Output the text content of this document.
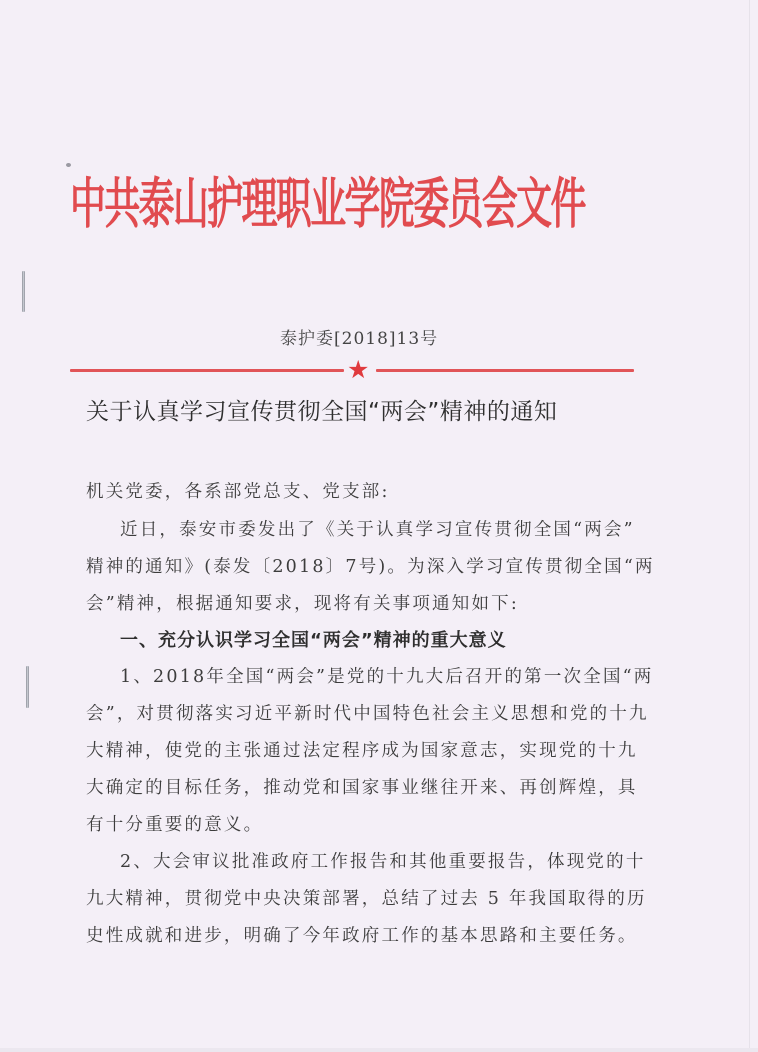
中共泰山护理职业学院委员会文件
泰护委[2018]13号
★
关于认真学习宣传贯彻全国“两会”精神的通知
机关党委，各系部党总支、党支部:
近日，泰安市委发出了《关于认真学习宣传贯彻全国“两会”
精神的通知》(泰发〔2018〕7号)。为深入学习宣传贯彻全国“两
会”精神，根据通知要求，现将有关事项通知如下:
一、充分认识学习全国“两会”精神的重大意义
1、2018年全国“两会”是党的十九大后召开的第一次全国“两
会”，对贯彻落实习近平新时代中国特色社会主义思想和党的十九
大精神，使党的主张通过法定程序成为国家意志，实现党的十九
大确定的目标任务，推动党和国家事业继往开来、再创辉煌，具
有十分重要的意义。
2、大会审议批准政府工作报告和其他重要报告，体现党的十
九大精神，贯彻党中央决策部署，总结了过去 5 年我国取得的历
史性成就和进步，明确了今年政府工作的基本思路和主要任务。
